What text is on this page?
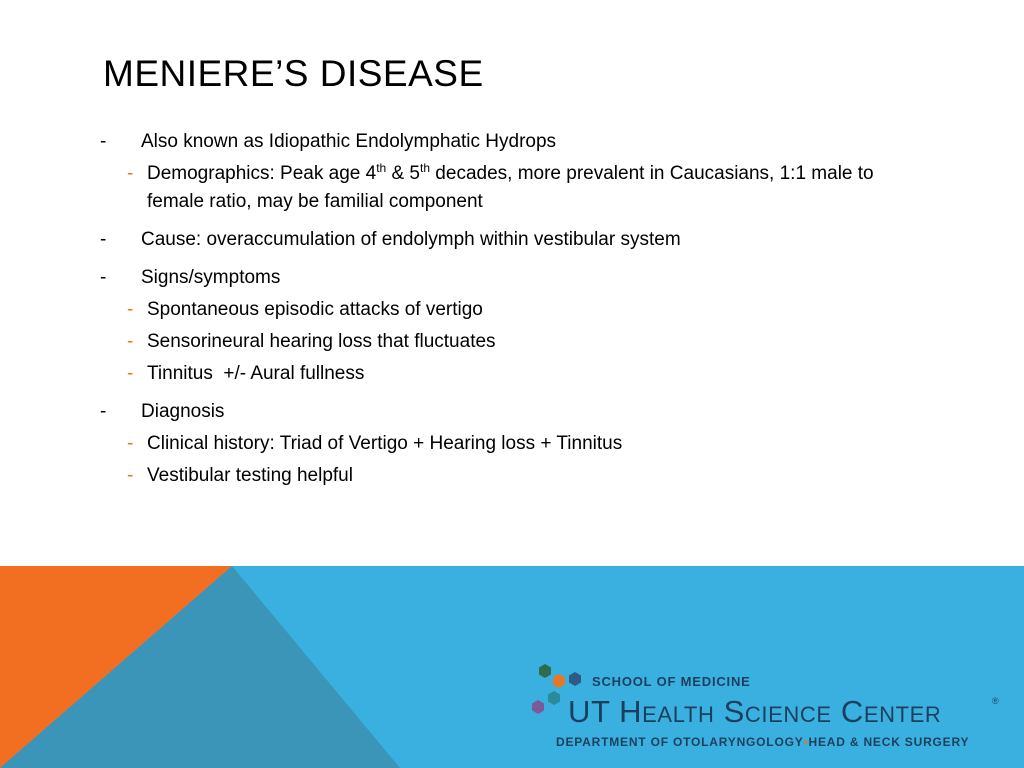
MENIERE’S DISEASE
-	Also known as Idiopathic Endolymphatic Hydrops
- Demographics: Peak age 4th & 5th decades, more prevalent in Caucasians, 1:1 male to female ratio, may be familial component
-	Cause: overaccumulation of endolymph within vestibular system
-	Signs/symptoms
- Spontaneous episodic attacks of vertigo
- Sensorineural hearing loss that fluctuates
- Tinnitus  +/- Aural fullness
-	Diagnosis
- Clinical history: Triad of Vertigo + Hearing loss + Tinnitus
- Vestibular testing helpful
SCHOOL OF MEDICINE
UT Health Science Center	®
DEPARTMENT OF OTOLARYNGOLOGY•HEAD & NECK SURGERY
